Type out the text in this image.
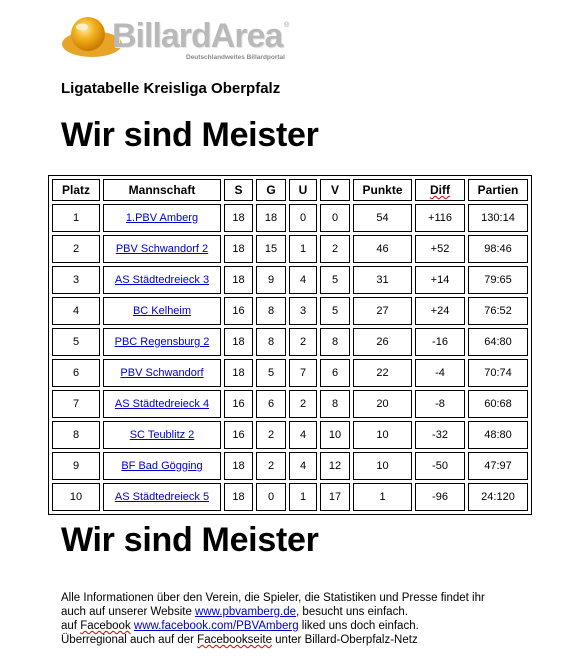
BillardArea ®
Deutschlandweites Billardportal
Ligatabelle Kreisliga Oberpfalz
Wir sind Meister
Platz	Mannschaft	S	G	U	V	Punkte	Diff	Partien
1	1.PBV Amberg	18	18	0	0	54	+116	130:14
2	PBV Schwandorf 2	18	15	1	2	46	+52	98:46
3	AS Städtedreieck 3	18	9	4	5	31	+14	79:65
4	BC Kelheim	16	8	3	5	27	+24	76:52
5	PBC Regensburg 2	18	8	2	8	26	-16	64:80
6	PBV Schwandorf	18	5	7	6	22	-4	70:74
7	AS Städtedreieck 4	16	6	2	8	20	-8	60:68
8	SC Teublitz 2	16	2	4	10	10	-32	48:80
9	BF Bad Gögging	18	2	4	12	10	-50	47:97
10	AS Städtedreieck 5	18	0	1	17	1	-96	24:120
Wir sind Meister
Alle Informationen über den Verein, die Spieler, die Statistiken und Presse findet ihr
auch auf unserer Website www.pbvamberg.de, besucht uns einfach.
auf Facebook www.facebook.com/PBVAmberg liked uns doch einfach.
Überregional auch auf der Facebookseite unter Billard-Oberpfalz-Netz
